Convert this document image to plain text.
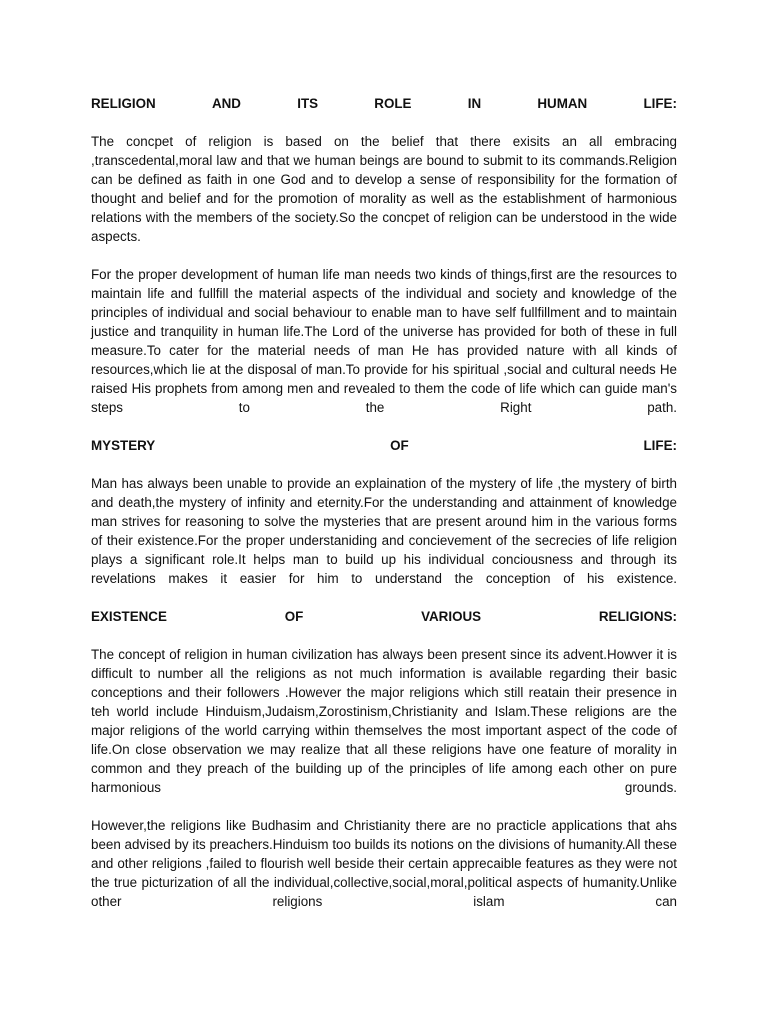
RELIGION	AND	ITS	ROLE	IN	HUMAN	LIFE:

The concpet of religion is based on the belief that there exisits an all embracing ,transcedental,moral law and that we human beings are bound to submit to its commands.Religion can be defined as faith in one God and to develop a sense of responsibility for the formation of thought and belief and for the promotion of morality as well as the establishment of harmonious relations with the members of the society.So the concpet of religion can be understood in the wide aspects.

For the proper development of human life man needs two kinds of things,first are the resources to maintain life and fullfill the material aspects of the individual and society and knowledge of the principles of individual and social behaviour to enable man to have self fullfillment and to maintain justice and tranquility in human life.The Lord of the universe has provided for both of these in full measure.To cater for the material needs of man He has provided nature with all kinds of resources,which lie at the disposal of man.To provide for his spiritual ,social and cultural needs He raised His prophets from among men and revealed to them the code of life which can guide man's steps to the Right path.

MYSTERY	OF	LIFE:

Man has always been unable to provide an explaination of the mystery of life ,the mystery of birth and death,the mystery of infinity and eternity.For the understanding and attainment of knowledge man strives for reasoning to solve the mysteries that are present around him in the various forms of their existence.For the proper understaniding and concievement of the secrecies of life religion plays a significant role.It helps man to build up his individual conciousness and through its revelations makes it easier for him to understand the conception of his existence.

EXISTENCE	OF	VARIOUS	RELIGIONS:

The concept of religion in human civilization has always been present since its advent.Howver it is difficult to number all the religions as not much information is available regarding their basic conceptions and their followers .However the major religions which still reatain their presence in teh world include Hinduism,Judaism,Zorostinism,Christianity and Islam.These religions are the major religions of the world carrying within themselves the most important aspect of the code of life.On close observation we may realize that all these religions have one feature of morality in common and they preach of the building up of the principles of life among each other on pure harmonious grounds.

However,the religions like Budhasim and Christianity there are no practicle applications that ahs been advised by its preachers.Hinduism too builds its notions on the divisions of humanity.All these and other religions ,failed to flourish well beside their certain apprecaible features as they were not the true picturization of all the individual,collective,social,moral,political aspects of humanity.Unlike other religions islam can
